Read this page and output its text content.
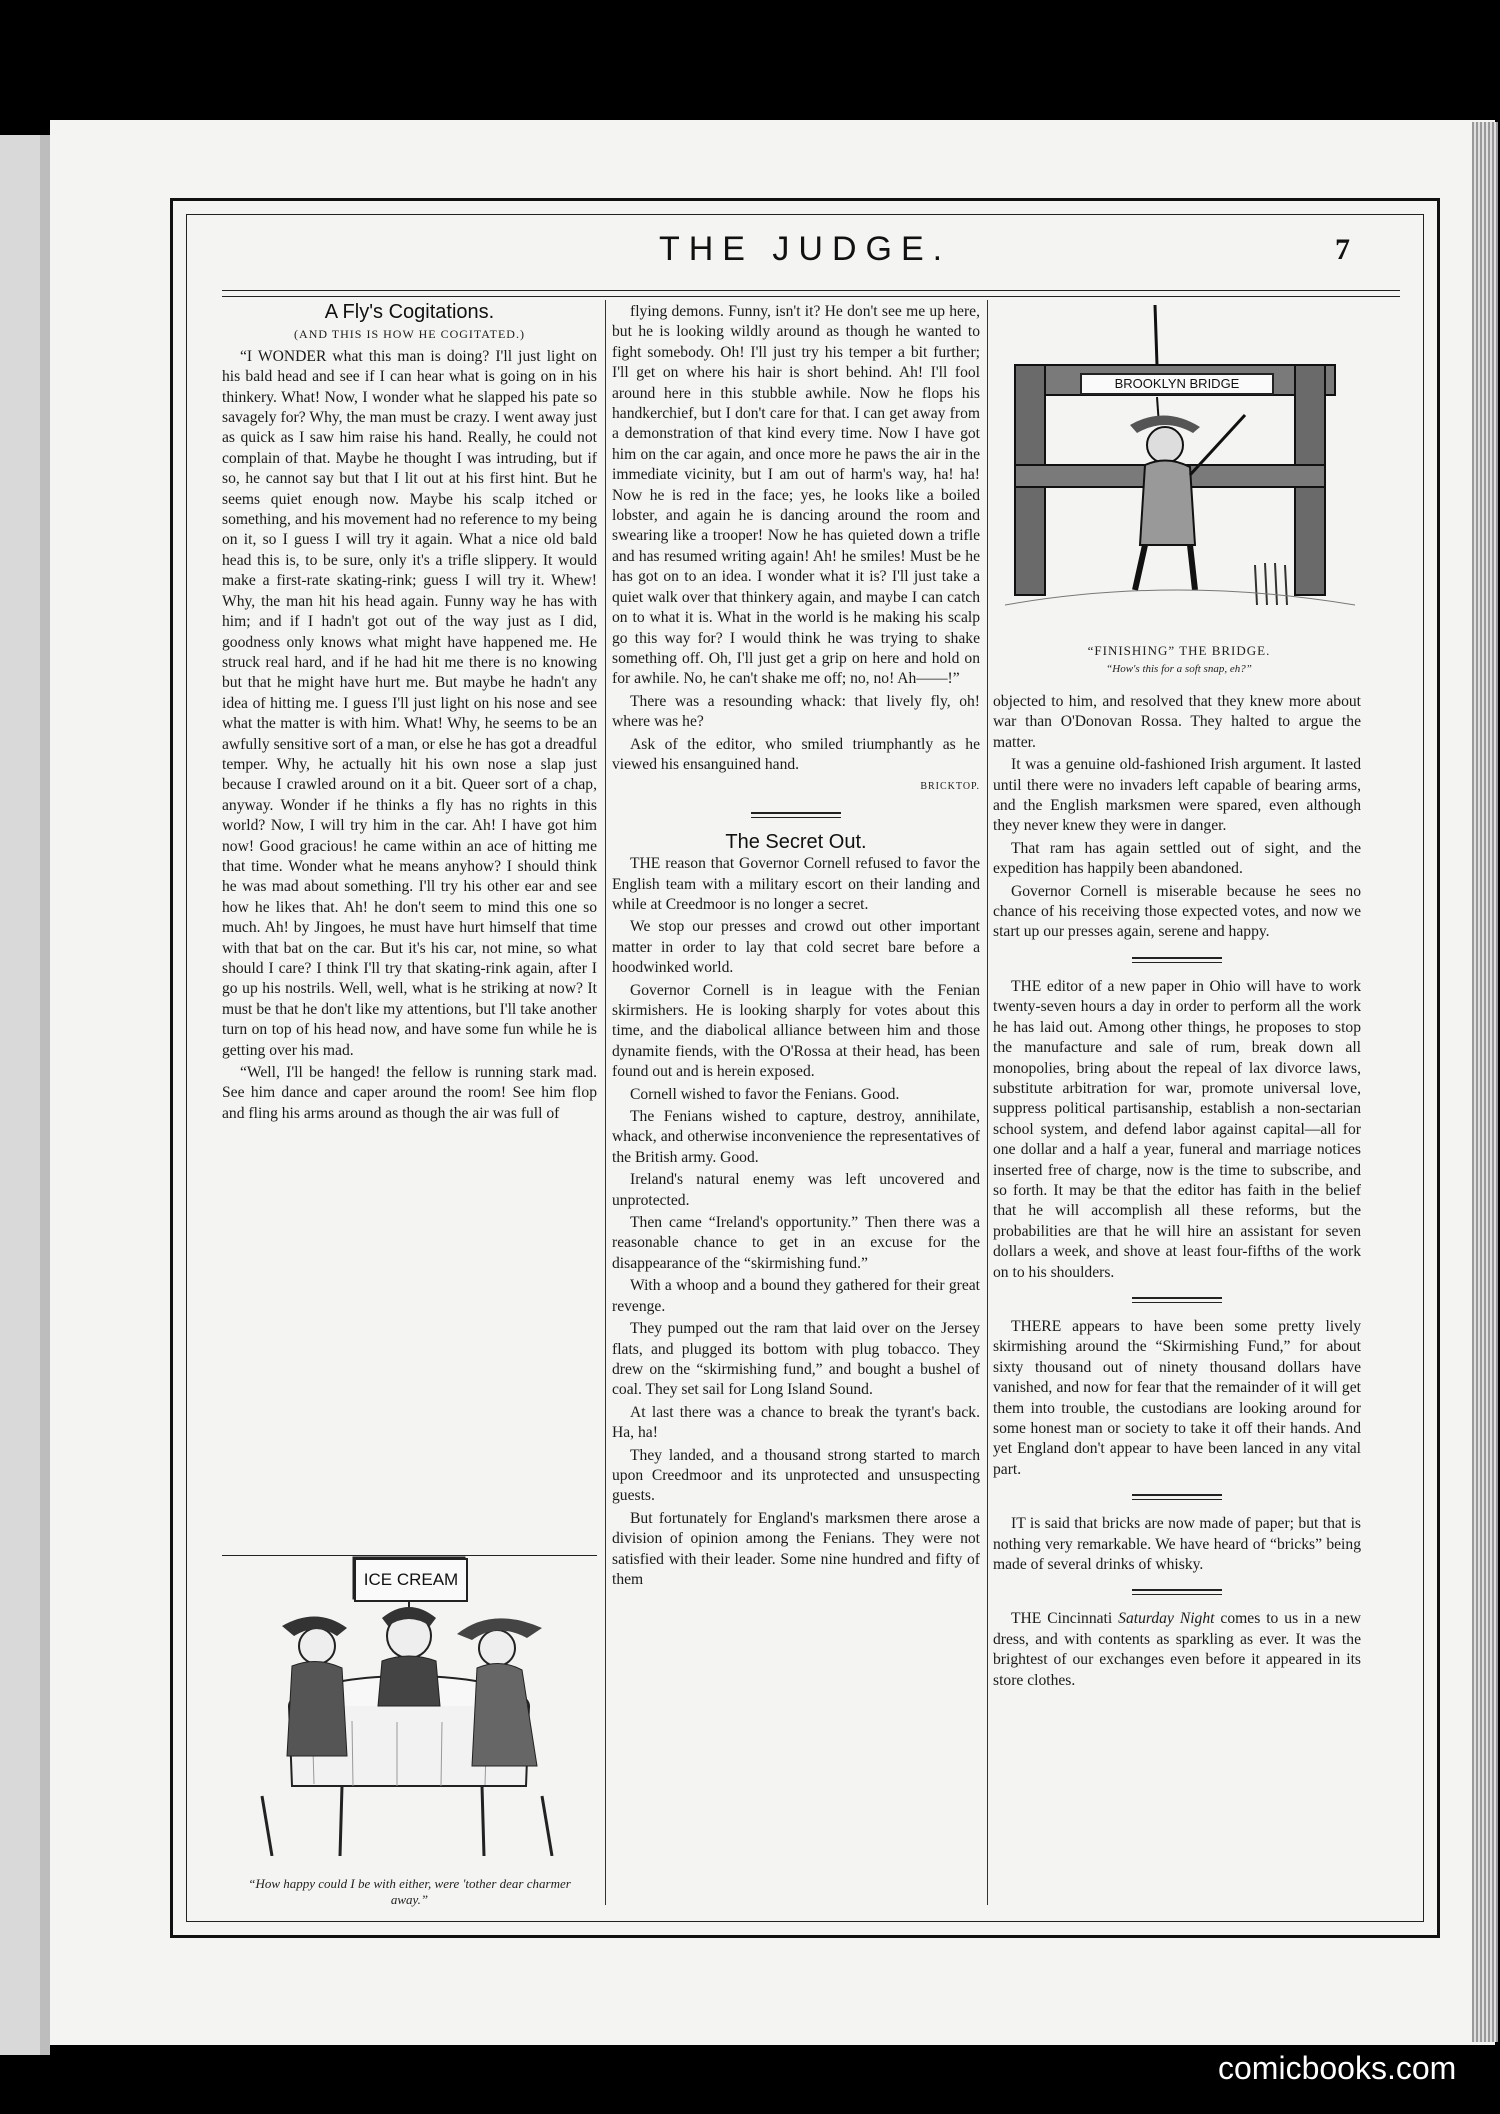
THE JUDGE.	7

A Fly's Cogitations.

(AND THIS IS HOW HE COGITATED.)

“I WONDER what this man is doing? I'll just light on his bald head and see if I can hear what is going on in his thinkery. What! Now, I wonder what he slapped his pate so savagely for? Why, the man must be crazy. I went away just as quick as I saw him raise his hand. Really, he could not complain of that. Maybe he thought I was intruding, but if so, he cannot say but that I lit out at his first hint. But he seems quiet enough now. Maybe his scalp itched or something, and his movement had no reference to my being on it, so I guess I will try it again. What a nice old bald head this is, to be sure, only it's a trifle slippery. It would make a first-rate skating-rink; guess I will try it. Whew! Why, the man hit his head again. Funny way he has with him; and if I hadn't got out of the way just as I did, goodness only knows what might have happened me. He struck real hard, and if he had hit me there is no knowing but that he might have hurt me. But maybe he hadn't any idea of hitting me. I guess I'll just light on his nose and see what the matter is with him. What! Why, he seems to be an awfully sensitive sort of a man, or else he has got a dreadful temper. Why, he actually hit his own nose a slap just because I crawled around on it a bit. Queer sort of a chap, anyway. Wonder if he thinks a fly has no rights in this world? Now, I will try him in the car. Ah! I have got him now! Good gracious! he came within an ace of hitting me that time. Wonder what he means anyhow? I should think he was mad about something. I'll try his other ear and see how he likes that. Ah! he don't seem to mind this one so much. Ah! by Jingoes, he must have hurt himself that time with that bat on the car. But it's his car, not mine, so what should I care? I think I'll try that skating-rink again, after I go up his nostrils. Well, well, what is he striking at now? It must be that he don't like my attentions, but I'll take another turn on top of his head now, and have some fun while he is getting over his mad.

“Well, I'll be hanged! the fellow is running stark mad. See him dance and caper around the room! See him flop and fling his arms around as though the air was full of

ICE CREAM
“How happy could I be with either, were 'tother dear charmer away.”

flying demons. Funny, isn't it? He don't see me up here, but he is looking wildly around as though he wanted to fight somebody. Oh! I'll just try his temper a bit further; I'll get on where his hair is short behind. Ah! I'll fool around here in this stubble awhile. Now he flops his handkerchief, but I don't care for that. I can get away from a demonstration of that kind every time. Now I have got him on the car again, and once more he paws the air in the immediate vicinity, but I am out of harm's way, ha! ha! Now he is red in the face; yes, he looks like a boiled lobster, and again he is dancing around the room and swearing like a trooper! Now he has quieted down a trifle and has resumed writing again! Ah! he smiles! Must be he has got on to an idea. I wonder what it is? I'll just take a quiet walk over that thinkery again, and maybe I can catch on to what it is. What in the world is he making his scalp go this way for? I would think he was trying to shake something off. Oh, I'll just get a grip on here and hold on for awhile. No, he can't shake me off; no, no! Ah——!”

There was a resounding whack: that lively fly, oh! where was he?

Ask of the editor, who smiled triumphantly as he viewed his ensanguined hand.

BRICKTOP.

The Secret Out.

THE reason that Governor Cornell refused to favor the English team with a military escort on their landing and while at Creedmoor is no longer a secret.

We stop our presses and crowd out other important matter in order to lay that cold secret bare before a hoodwinked world.

Governor Cornell is in league with the Fenian skirmishers. He is looking sharply for votes about this time, and the diabolical alliance between him and those dynamite fiends, with the O'Rossa at their head, has been found out and is herein exposed.

Cornell wished to favor the Fenians. Good.

The Fenians wished to capture, destroy, annihilate, whack, and otherwise inconvenience the representatives of the British army. Good.

Ireland's natural enemy was left uncovered and unprotected.

Then came “Ireland's opportunity.” Then there was a reasonable chance to get in an excuse for the disappearance of the “skirmishing fund.”

With a whoop and a bound they gathered for their great revenge.

They pumped out the ram that laid over on the Jersey flats, and plugged its bottom with plug tobacco. They drew on the “skirmishing fund,” and bought a bushel of coal. They set sail for Long Island Sound.

At last there was a chance to break the tyrant's back. Ha, ha!

They landed, and a thousand strong started to march upon Creedmoor and its unprotected and unsuspecting guests.

But fortunately for England's marksmen there arose a division of opinion among the Fenians. They were not satisfied with their leader. Some nine hundred and fifty of them

BROOKLYN BRIDGE
“FINISHING” THE BRIDGE.
“How's this for a soft snap, eh?”

objected to him, and resolved that they knew more about war than O'Donovan Rossa. They halted to argue the matter.

It was a genuine old-fashioned Irish argument. It lasted until there were no invaders left capable of bearing arms, and the English marksmen were spared, even although they never knew they were in danger.

That ram has again settled out of sight, and the expedition has happily been abandoned.

Governor Cornell is miserable because he sees no chance of his receiving those expected votes, and now we start up our presses again, serene and happy.

THE editor of a new paper in Ohio will have to work twenty-seven hours a day in order to perform all the work he has laid out. Among other things, he proposes to stop the manufacture and sale of rum, break down all monopolies, bring about the repeal of lax divorce laws, substitute arbitration for war, promote universal love, suppress political partisanship, establish a non-sectarian school system, and defend labor against capital—all for one dollar and a half a year, funeral and marriage notices inserted free of charge, now is the time to subscribe, and so forth. It may be that the editor has faith in the belief that he will accomplish all these reforms, but the probabilities are that he will hire an assistant for seven dollars a week, and shove at least four-fifths of the work on to his shoulders.

THERE appears to have been some pretty lively skirmishing around the “Skirmishing Fund,” for about sixty thousand out of ninety thousand dollars have vanished, and now for fear that the remainder of it will get them into trouble, the custodians are looking around for some honest man or society to take it off their hands. And yet England don't appear to have been lanced in any vital part.

IT is said that bricks are now made of paper; but that is nothing very remarkable. We have heard of “bricks” being made of several drinks of whisky.

THE Cincinnati Saturday Night comes to us in a new dress, and with contents as sparkling as ever. It was the brightest of our exchanges even before it appeared in its store clothes.

comicbooks.com
